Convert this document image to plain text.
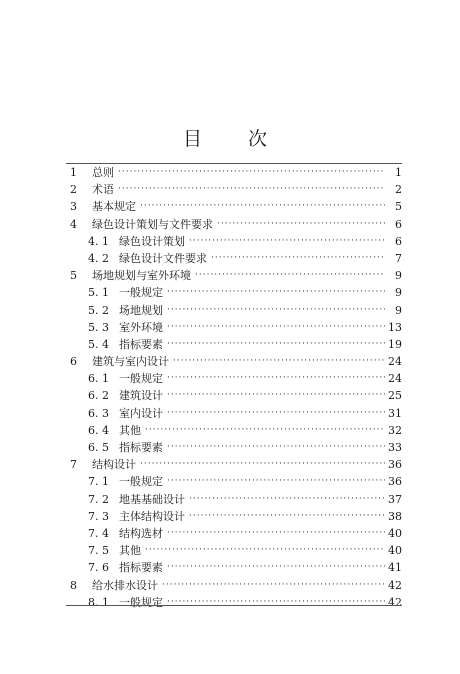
目 次
1	总则 ·····	1
2	术语 ·····	2
3	基本规定 ·····	5
4	绿色设计策划与文件要求 ·····	6
4. 1 绿色设计策划 ·····	6
4. 2 绿色设计文件要求 ·····	7
5	场地规划与室外环境 ·····	9
5. 1 一般规定 ·····	9
5. 2 场地规划 ·····	9
5. 3 室外环境 ·····	13
5. 4 指标要素 ·····	19
6	建筑与室内设计 ·····	24
6. 1 一般规定 ·····	24
6. 2 建筑设计 ·····	25
6. 3 室内设计 ·····	31
6. 4 其他 ·····	32
6. 5 指标要素 ·····	33
7	结构设计 ·····	36
7. 1 一般规定 ·····	36
7. 2 地基基础设计 ·····	37
7. 3 主体结构设计 ·····	38
7. 4 结构选材 ·····	40
7. 5 其他 ·····	40
7. 6 指标要素 ·····	41
8	给水排水设计 ·····	42
8. 1 一般规定 ·····	42
